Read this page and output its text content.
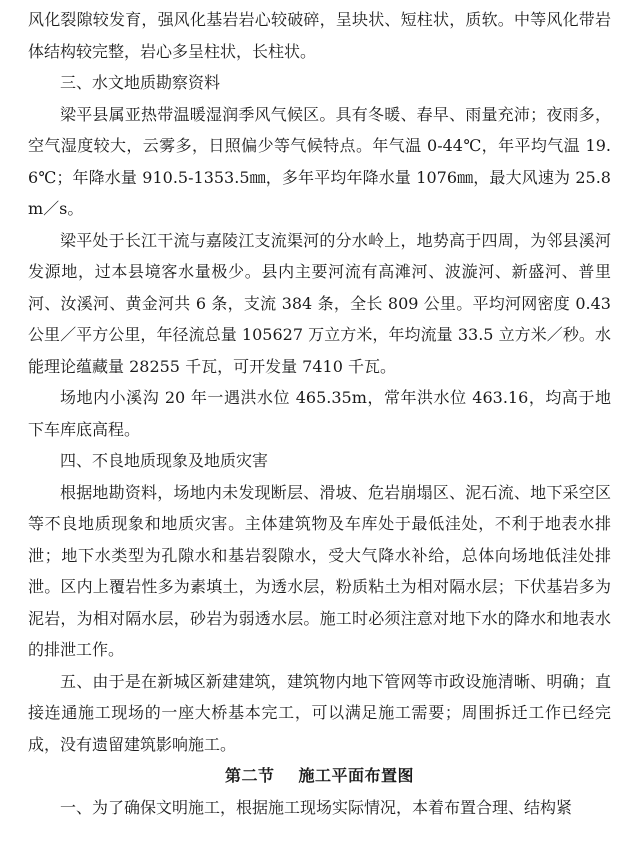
风化裂隙较发育，强风化基岩岩心较破碎，呈块状、短柱状，质软。中等风化带岩体结构较完整，岩心多呈柱状，长柱状。

三、水文地质勘察资料

梁平县属亚热带温暖湿润季风气候区。具有冬暖、春早、雨量充沛；夜雨多，空气湿度较大，云雾多，日照偏少等气候特点。年气温 0-44℃，年平均气温 19.6℃；年降水量 910.5-1353.5㎜，多年平均年降水量 1076㎜，最大风速为 25.8m／s。

梁平处于长江干流与嘉陵江支流渠河的分水岭上，地势高于四周，为邻县溪河发源地，过本县境客水量极少。县内主要河流有高滩河、波漩河、新盛河、普里河、汝溪河、黄金河共 6 条，支流 384 条，全长 809 公里。平均河网密度 0.43 公里／平方公里，年径流总量 105627 万立方米，年均流量 33.5 立方米／秒。水能理论蕴藏量 28255 千瓦，可开发量 7410 千瓦。

场地内小溪沟 20 年一遇洪水位 465.35m，常年洪水位 463.16，均高于地下车库底高程。

四、不良地质现象及地质灾害

根据地勘资料，场地内未发现断层、滑坡、危岩崩塌区、泥石流、地下采空区等不良地质现象和地质灾害。主体建筑物及车库处于最低洼处，不利于地表水排泄；地下水类型为孔隙水和基岩裂隙水，受大气降水补给，总体向场地低洼处排泄。区内上覆岩性多为素填土，为透水层，粉质粘土为相对隔水层；下伏基岩多为泥岩，为相对隔水层，砂岩为弱透水层。施工时必须注意对地下水的降水和地表水的排泄工作。

五、由于是在新城区新建建筑，建筑物内地下管网等市政设施清晰、明确；直接连通施工现场的一座大桥基本完工，可以满足施工需要；周围拆迁工作已经完成，没有遗留建筑影响施工。

第二节 施工平面布置图

一、为了确保文明施工，根据施工现场实际情况，本着布置合理、结构紧
